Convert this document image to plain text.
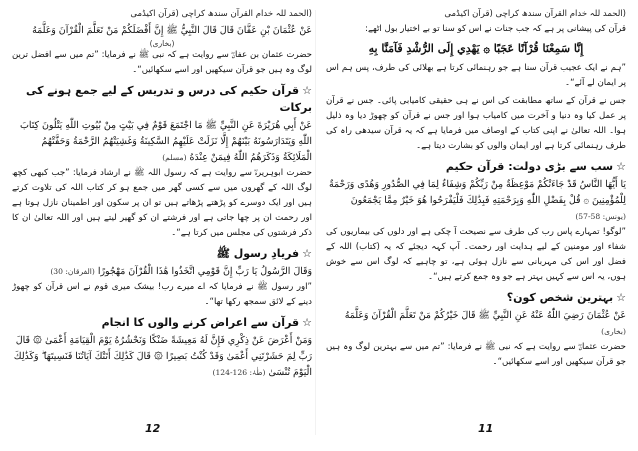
(الحمد للہ خدام القرآن سندھ کراچی (قرآن اکیڈمی

عَنْ عُثْمَانَ بْنِ عَفَّانَ قَالَ قَالَ النَّبِيُّ ﷺ إِنَّ أَفْضَلَكُمْ مَنْ تَعَلَّمَ الْقُرْآنَ وَعَلَّمَهُ

(بخاری)

حضرت عثمان بن عفانؓ سے روایت ہے کہ نبی ﷺ نے فرمایا: ”تم میں سے افضل ترین لوگ وہ ہیں جو قرآن سیکھیں اور اسے سکھائیں“۔

☆قرآن حکیم کی درس و تدریس کے لیے جمع ہونے کی برکات

عَنْ أَبِي هُرَيْرَةَ عَنِ النَّبِيِّ ﷺ مَا اجْتَمَعَ قَوْمٌ فِي بَيْتٍ مِنْ بُيُوتِ اللّٰهِ يَتْلُونَ كِتَابَ اللّٰهِ وَيَتَدَارَسُونَهُ بَيْنَهُمْ إِلَّا نَزَلَتْ عَلَيْهِمُ السَّكِينَةُ وَغَشِيَتْهُمُ الرَّحْمَةُ وَحَفَّتْهُمُ الْمَلَائِكَةُ وَذَكَرَهُمُ اللّٰهُ فِيمَنْ عِنْدَهُ (مسلم)

حضرت ابوہریرہؓ سے روایت ہے کہ رسول اللہ ﷺ نے ارشاد فرمایا: ”جب کبھی کچھ لوگ اللہ کے گھروں میں سے کسی گھر میں جمع ہو کر کتاب اللہ کی تلاوت کرتے ہیں اور ایک دوسرے کو پڑھتے پڑھاتے ہیں تو ان پر سکون اور اطمینان نازل ہوتا ہے اور رحمت ان پر چھا جاتی ہے اور فرشتے ان کو گھیر لیتے ہیں اور اللہ تعالیٰ ان کا ذکر فرشتوں کی مجلس میں کرتا ہے“۔

☆فریادِ رسول ﷺ

وَقَالَ الرَّسُولُ يَا رَبِّ إِنَّ قَوْمِي اتَّخَذُوا هَٰذَا الْقُرْآنَ مَهْجُورًا (الفرقان: 30)

”اور رسول ﷺ نے فرمایا کہ اے میرے رب! بیشک میری قوم نے اس قرآن کو چھوڑ دینے کے لائق سمجھ رکھا تھا“۔

☆قرآن سے اعراض کرنے والوں کا انجام

وَمَنْ أَعْرَضَ عَنْ ذِكْرِي فَإِنَّ لَهُ مَعِيشَةً ضَنْكًا وَنَحْشُرُهُ يَوْمَ الْقِيَامَةِ أَعْمَىٰ ۞ قَالَ رَبِّ لِمَ حَشَرْتَنِي أَعْمَىٰ وَقَدْ كُنْتُ بَصِيرًا ۞ قَالَ كَذَٰلِكَ أَتَتْكَ آيَاتُنَا فَنَسِيتَهَا ۖ وَكَذَٰلِكَ الْيَوْمَ تُنْسَىٰ (طٰہٰ: 126-124)

12
(الحمد للہ خدام القرآن سندھ کراچی (قرآن اکیڈمی

قرآن کی پیشانی پر ہے کہ جب جنات نے اس کو سنا تو بے اختیار بول اٹھے:

إِنَّا سَمِعْنَا قُرْآنًا عَجَبًا ۞ يَهْدِي إِلَى الرُّشْدِ فَآمَنَّا بِهِ

”ہم نے ایک عجیب قرآن سنا ہے جو رہنمائی کرتا ہے بھلائی کی طرف، پس ہم اس پر ایمان لے آئے“۔

جس نے قرآن کے ساتھ مطابقت کی اس نے ہی حقیقی کامیابی پائی۔ جس نے قرآن پر عمل کیا وہ دنیا و آخرت میں کامیاب ہوا اور جس نے قرآن کو چھوڑ دیا وہ ذلیل ہوا۔ اللہ تعالیٰ نے اپنی کتاب کے اوصاف میں فرمایا ہے کہ یہ قرآن سیدھی راہ کی طرف رہنمائی کرتا ہے اور ایمان والوں کو بشارت دیتا ہے۔

☆سب سے بڑی دولت: قرآن حکیم

يَا أَيُّهَا النَّاسُ قَدْ جَاءَتْكُمْ مَوْعِظَةٌ مِنْ رَبِّكُمْ وَشِفَاءٌ لِمَا فِي الصُّدُورِ وَهُدًى وَرَحْمَةٌ لِلْمُؤْمِنِينَ ۞ قُلْ بِفَضْلِ اللّٰهِ وَبِرَحْمَتِهِ فَبِذَٰلِكَ فَلْيَفْرَحُوا هُوَ خَيْرٌ مِمَّا يَجْمَعُونَ (یونس: 58-57)

”لوگو! تمہارے پاس رب کی طرف سے نصیحت آ چکی ہے اور دلوں کی بیماریوں کی شفاء اور مومنین کے لیے ہدایت اور رحمت۔ آپ کہہ دیجئے کہ یہ (کتاب) اللہ کے فضل اور اس کی مہربانی سے نازل ہوئی ہے، تو چاہیے کہ لوگ اس سے خوش ہوں، یہ اس سے کہیں بہتر ہے جو وہ جمع کرتے ہیں“۔

☆بہترین شخص کون؟

عَنْ عُثْمَانَ رَضِيَ اللّٰهُ عَنْهُ عَنِ النَّبِيِّ ﷺ قَالَ خَيْرُكُمْ مَنْ تَعَلَّمَ الْقُرْآنَ وَعَلَّمَهُ (بخاری)

حضرت عثمانؓ سے روایت ہے کہ نبی ﷺ نے فرمایا: ”تم میں سے بہترین لوگ وہ ہیں جو قرآن سیکھیں اور اسے سکھائیں“۔

11
